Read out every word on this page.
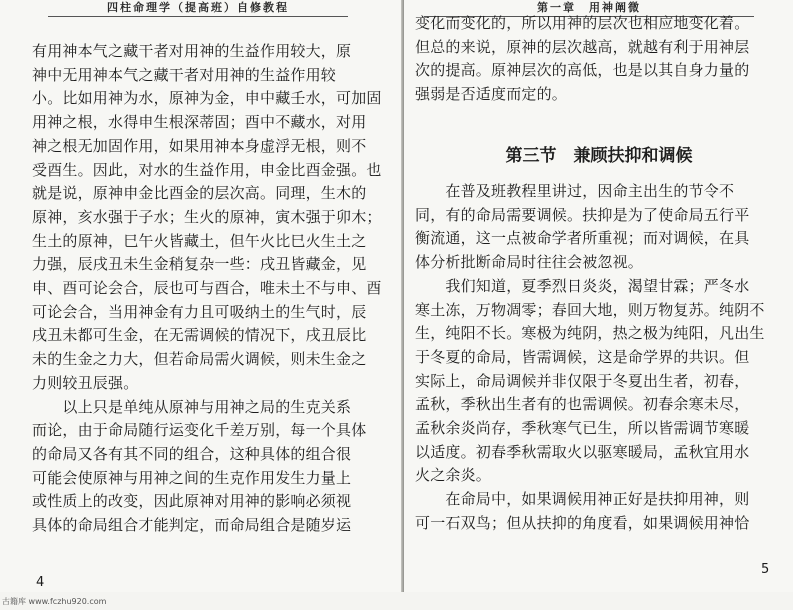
四柱命理学（提高班）自修教程
有用神本气之藏干者对用神的生益作用较大，原
神中无用神本气之藏干者对用神的生益作用较
小。比如用神为水，原神为金，申中藏壬水，可加固
用神之根，水得申生根深蒂固；酉中不藏水，对用
神之根无加固作用，如果用神本身虚浮无根，则不
受酉生。因此，对水的生益作用，申金比酉金强。也
就是说，原神申金比酉金的层次高。同理，生木的
原神，亥水强于子水；生火的原神，寅木强于卯木；
生土的原神，巳午火皆藏土，但午火比巳火生土之
力强，辰戌丑未生金稍复杂一些：戌丑皆藏金，见
申、酉可论会合，辰也可与酉合，唯未土不与申、酉
可论会合，当用神金有力且可吸纳土的生气时，辰
戌丑未都可生金，在无需调候的情况下，戌丑辰比
未的生金之力大，但若命局需火调候，则未生金之
力则较丑辰强。
　　以上只是单纯从原神与用神之局的生克关系
而论，由于命局随行运变化千差万别，每一个具体
的命局又各有其不同的组合，这种具体的组合很
可能会使原神与用神之间的生克作用发生力量上
或性质上的改变，因此原神对用神的影响必须视
具体的命局组合才能判定，而命局组合是随岁运
4
第一章　用神阐微
变化而变化的，所以用神的层次也相应地变化着。
但总的来说，原神的层次越高，就越有利于用神层
次的提高。原神层次的高低，也是以其自身力量的
强弱是否适度而定的。
第三节　兼顾扶抑和调候
　　在普及班教程里讲过，因命主出生的节令不
同，有的命局需要调候。扶抑是为了使命局五行平
衡流通，这一点被命学者所重视；而对调候，在具
体分析批断命局时往往会被忽视。
　　我们知道，夏季烈日炎炎，渴望甘霖；严冬水
寒土冻，万物凋零；春回大地，则万物复苏。纯阴不
生，纯阳不长。寒极为纯阴，热之极为纯阳，凡出生
于冬夏的命局，皆需调候，这是命学界的共识。但
实际上，命局调候并非仅限于冬夏出生者，初春，
孟秋，季秋出生者有的也需调候。初春余寒未尽，
孟秋余炎尚存，季秋寒气已生，所以皆需调节寒暖
以适度。初春季秋需取火以驱寒暖局，孟秋宜用水
火之余炎。
　　在命局中，如果调候用神正好是扶抑用神，则
可一石双鸟；但从扶抑的角度看，如果调候用神恰
5
古籍库 www.fczhu920.com
